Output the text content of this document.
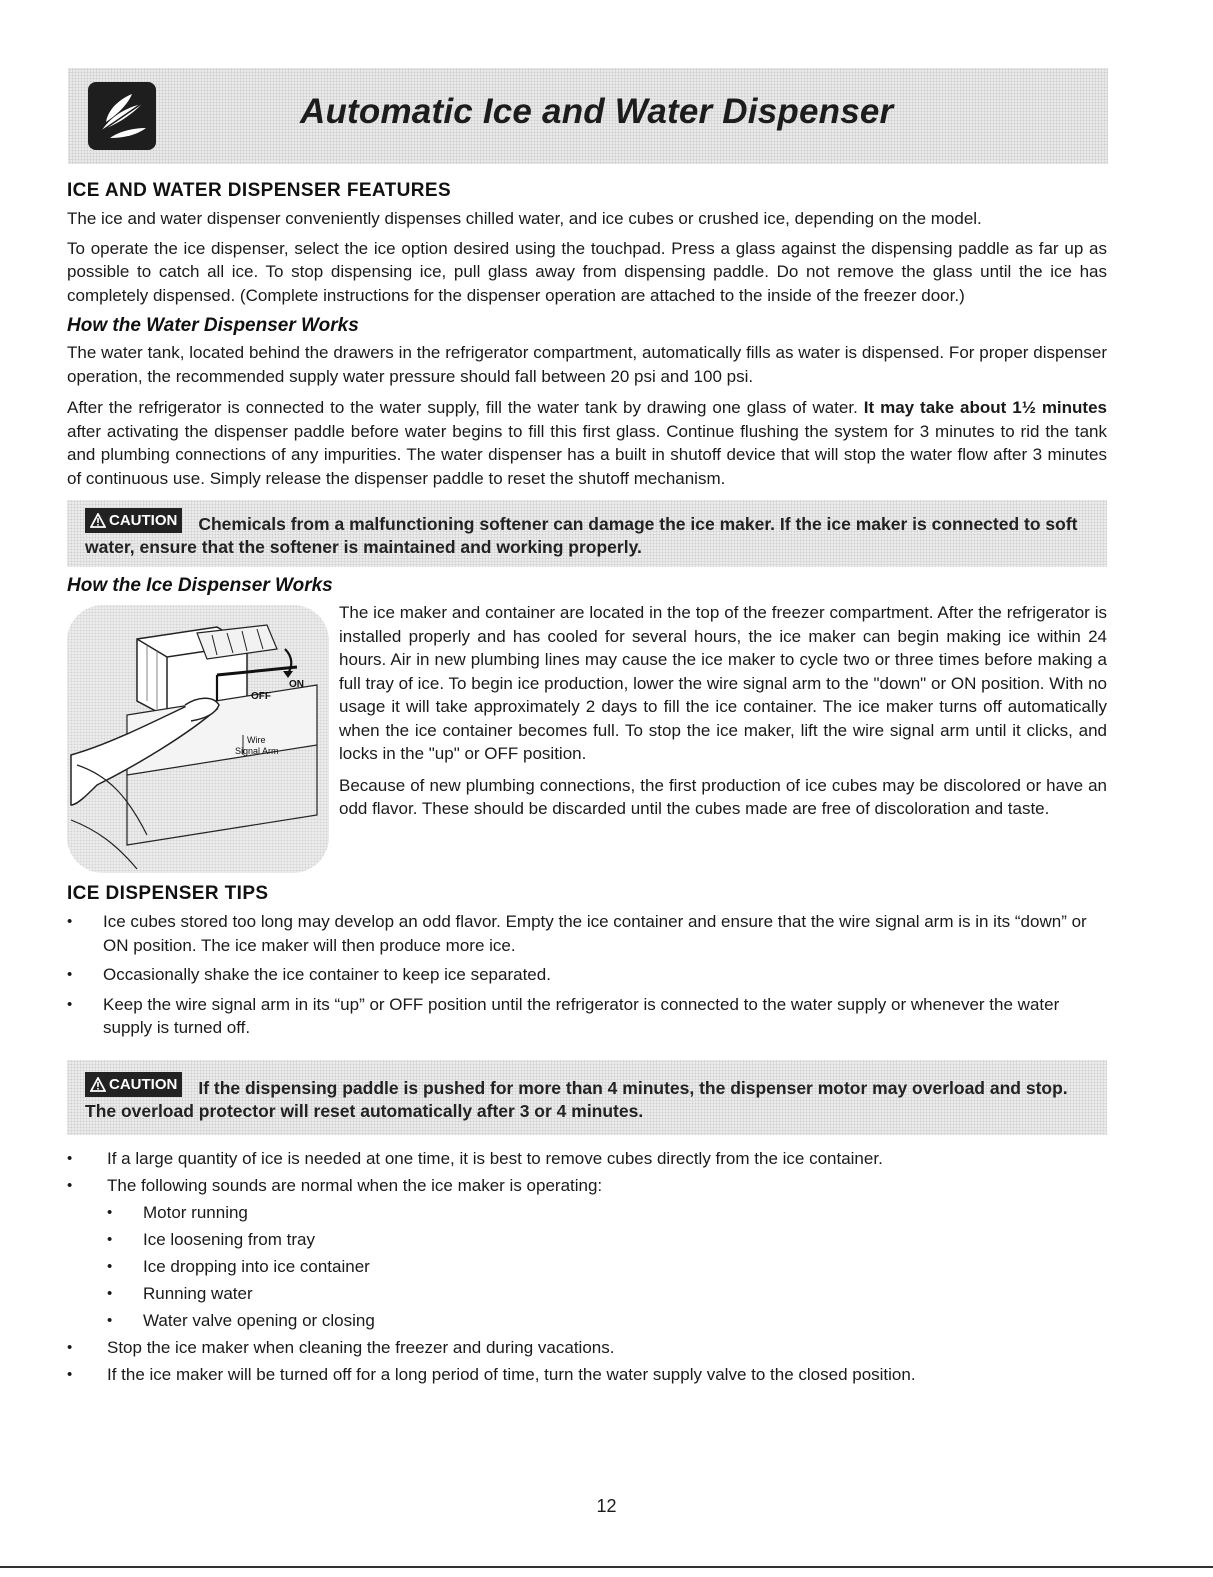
Automatic Ice and Water Dispenser
ICE AND WATER DISPENSER FEATURES

The ice and water dispenser conveniently dispenses chilled water, and ice cubes or crushed ice, depending on the model.

To operate the ice dispenser, select the ice option desired using the touchpad. Press a glass against the dispensing paddle as far up as possible to catch all ice. To stop dispensing ice, pull glass away from dispensing paddle. Do not remove the glass until the ice has completely dispensed. (Complete instructions for the dispenser operation are attached to the inside of the freezer door.)

How the Water Dispenser Works

The water tank, located behind the drawers in the refrigerator compartment, automatically fills as water is dispensed. For proper dispenser operation, the recommended supply water pressure should fall between 20 psi and 100 psi.

After the refrigerator is connected to the water supply, fill the water tank by drawing one glass of water. It may take about 1½ minutes after activating the dispenser paddle before water begins to fill this first glass. Continue flushing the system for 3 minutes to rid the tank and plumbing connections of any impurities. The water dispenser has a built in shutoff device that will stop the water flow after 3 minutes of continuous use. Simply release the dispenser paddle to reset the shutoff mechanism.

CAUTION Chemicals from a malfunctioning softener can damage the ice maker. If the ice maker is connected to soft water, ensure that the softener is maintained and working properly.
How the Ice Dispenser Works
ON
OFF
Wire
Signal Arm

The ice maker and container are located in the top of the freezer compartment. After the refrigerator is installed properly and has cooled for several hours, the ice maker can begin making ice within 24 hours. Air in new plumbing lines may cause the ice maker to cycle two or three times before making a full tray of ice. To begin ice production, lower the wire signal arm to the "down" or ON position. With no usage it will take approximately 2 days to fill the ice container. The ice maker turns off automatically when the ice container becomes full. To stop the ice maker, lift the wire signal arm until it clicks, and locks in the "up" or OFF position.

Because of new plumbing connections, the first production of ice cubes may be discolored or have an odd flavor. These should be discarded until the cubes made are free of discoloration and taste.

ICE DISPENSER TIPS
• Ice cubes stored too long may develop an odd flavor. Empty the ice container and ensure that the wire signal arm is in its “down” or ON position. The ice maker will then produce more ice.
• Occasionally shake the ice container to keep ice separated.
• Keep the wire signal arm in its “up” or OFF position until the refrigerator is connected to the water supply or whenever the water supply is turned off.
CAUTION If the dispensing paddle is pushed for more than 4 minutes, the dispenser motor may overload and stop. The overload protector will reset automatically after 3 or 4 minutes.
• If a large quantity of ice is needed at one time, it is best to remove cubes directly from the ice container.
• The following sounds are normal when the ice maker is operating:
• Motor running
• Ice loosening from tray
• Ice dropping into ice container
• Running water
• Water valve opening or closing
• Stop the ice maker when cleaning the freezer and during vacations.
• If the ice maker will be turned off for a long period of time, turn the water supply valve to the closed position.
12
